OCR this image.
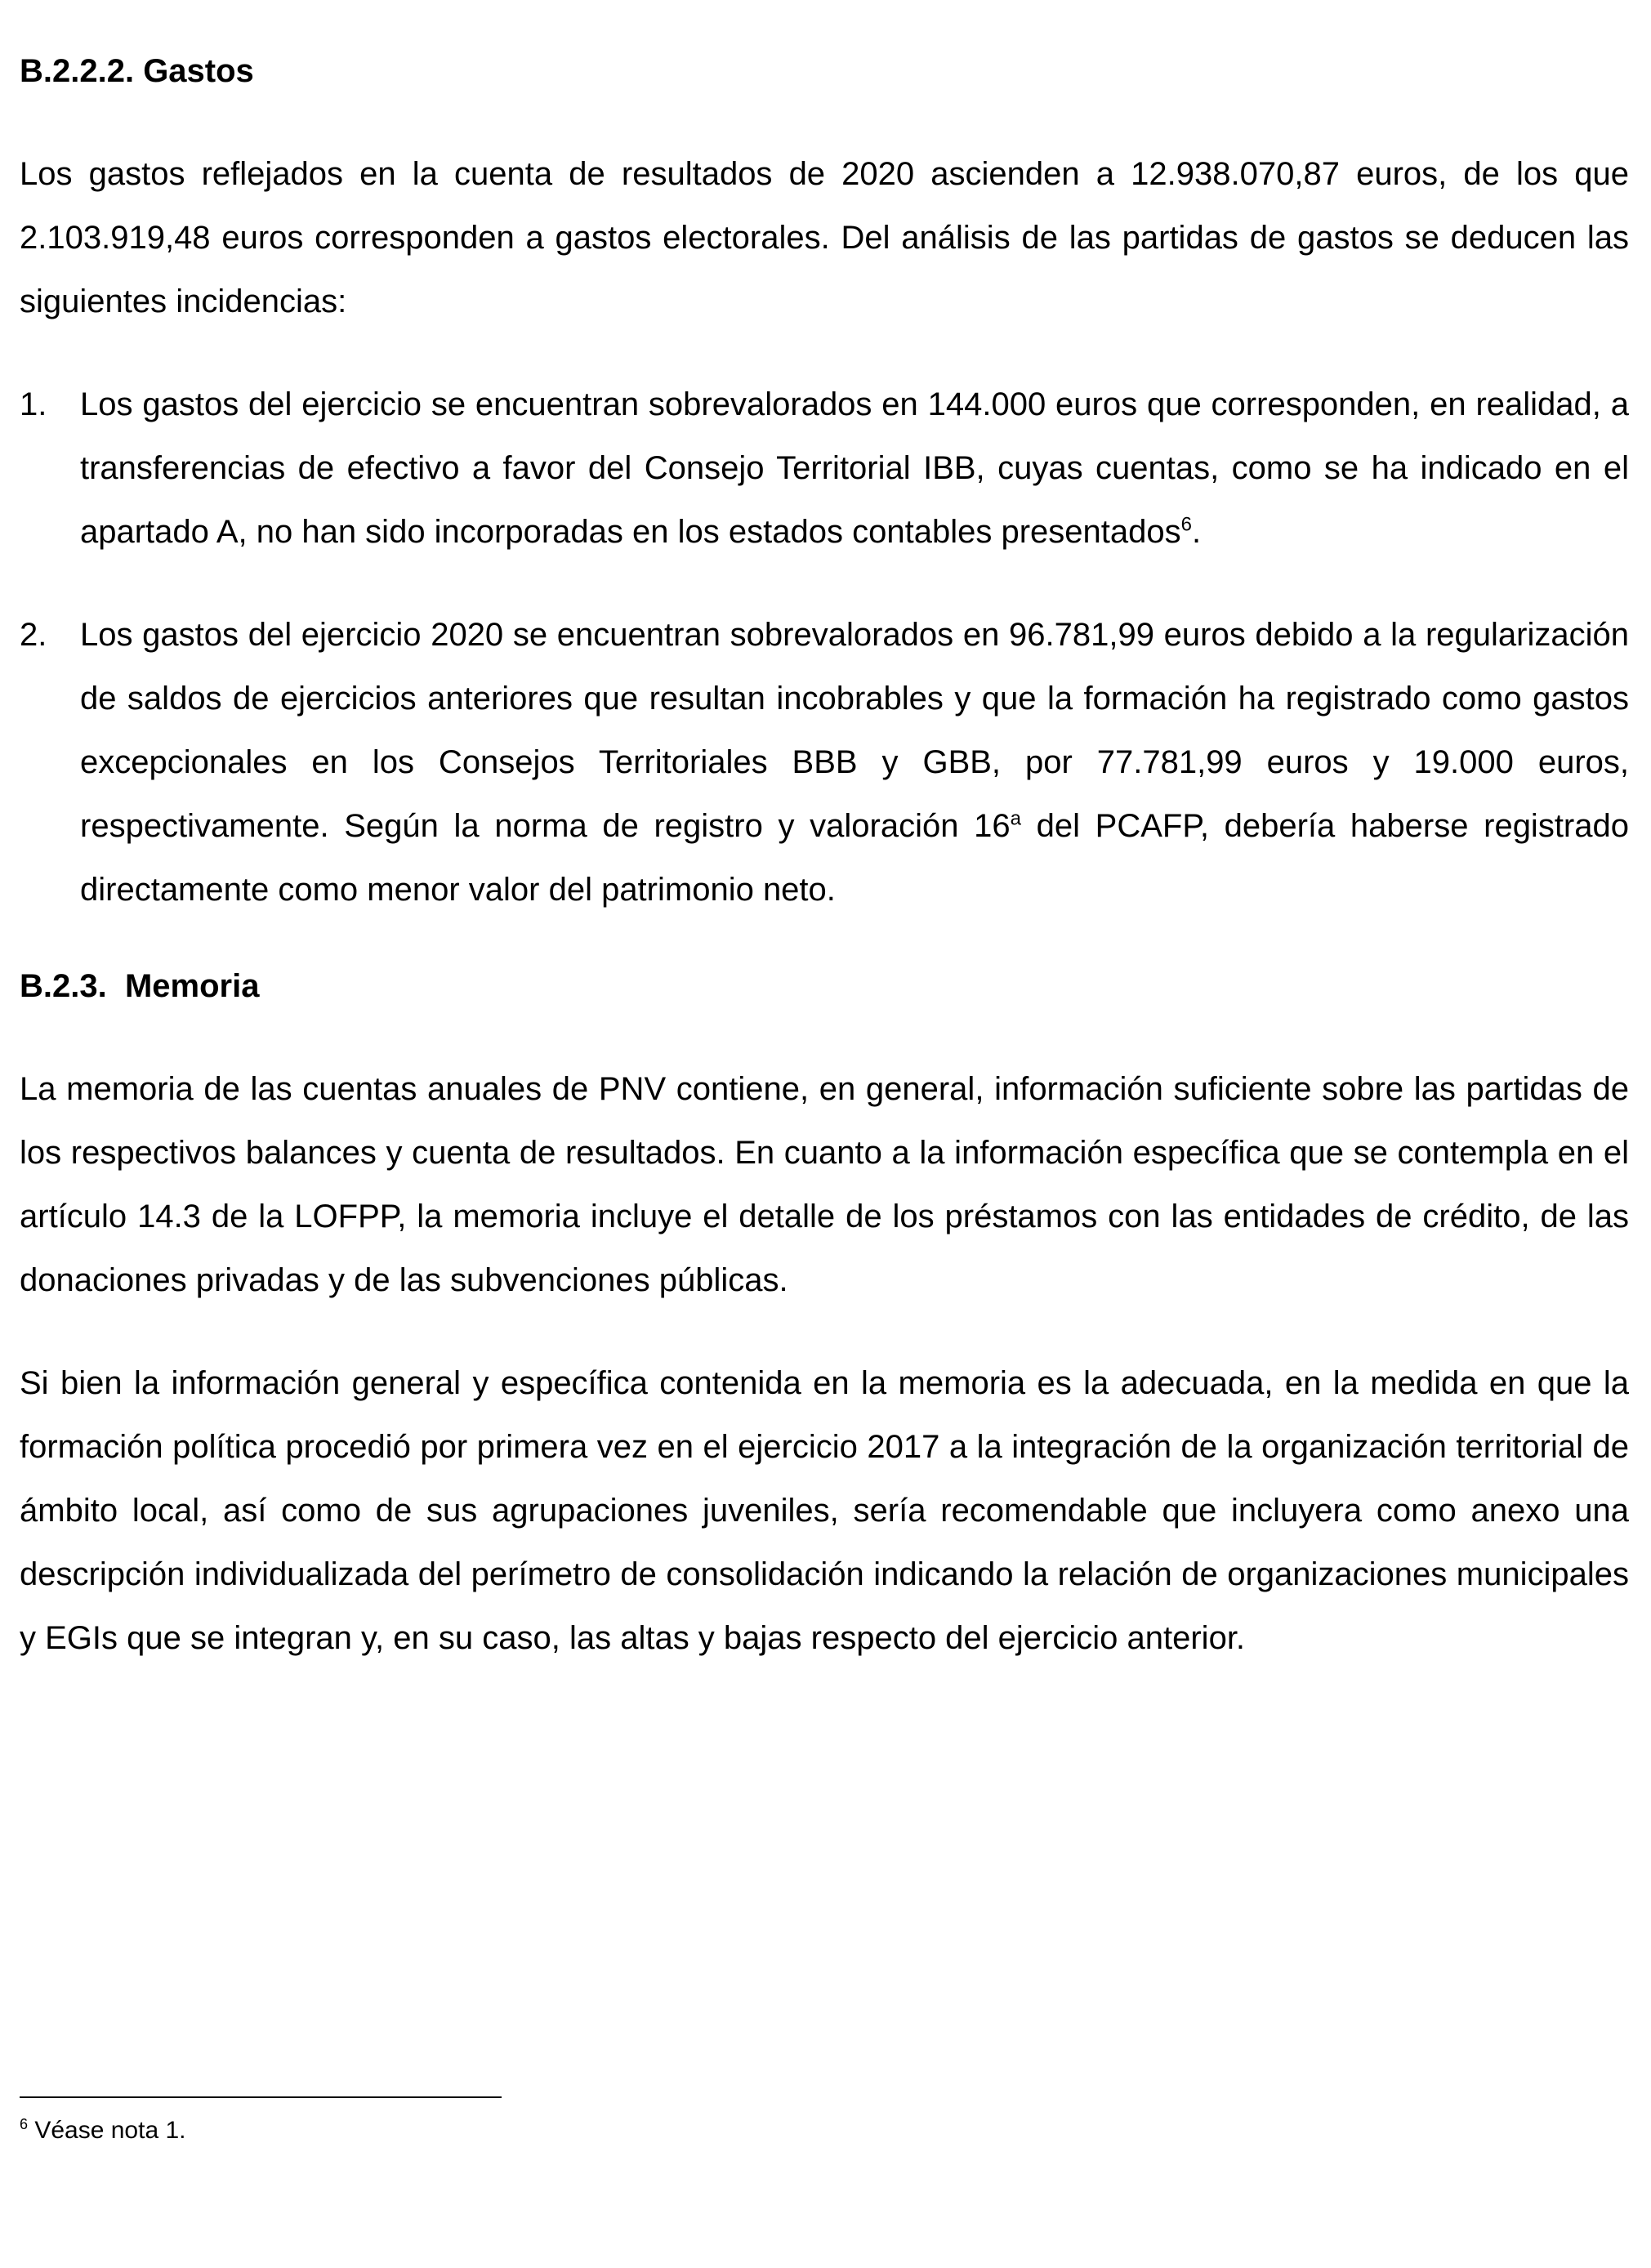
B.2.2.2. Gastos

Los gastos reflejados en la cuenta de resultados de 2020 ascienden a 12.938.070,87 euros, de los que 2.103.919,48 euros corresponden a gastos electorales. Del análisis de las partidas de gastos se deducen las siguientes incidencias:

1. Los gastos del ejercicio se encuentran sobrevalorados en 144.000 euros que corresponden, en realidad, a transferencias de efectivo a favor del Consejo Territorial IBB, cuyas cuentas, como se ha indicado en el apartado A, no han sido incorporadas en los estados contables presentados$^6$.

2. Los gastos del ejercicio 2020 se encuentran sobrevalorados en 96.781,99 euros debido a la regularización de saldos de ejercicios anteriores que resultan incobrables y que la formación ha registrado como gastos excepcionales en los Consejos Territoriales BBB y GBB, por 77.781,99 euros y 19.000 euros, respectivamente. Según la norma de registro y valoración 16$^a$ del PCAFP, debería haberse registrado directamente como menor valor del patrimonio neto.

B.2.3.  Memoria

La memoria de las cuentas anuales de PNV contiene, en general, información suficiente sobre las partidas de los respectivos balances y cuenta de resultados. En cuanto a la información específica que se contempla en el artículo 14.3 de la LOFPP, la memoria incluye el detalle de los préstamos con las entidades de crédito, de las donaciones privadas y de las subvenciones públicas.

Si bien la información general y específica contenida en la memoria es la adecuada, en la medida en que la formación política procedió por primera vez en el ejercicio 2017 a la integración de la organización territorial de ámbito local, así como de sus agrupaciones juveniles, sería recomendable que incluyera como anexo una descripción individualizada del perímetro de consolidación indicando la relación de organizaciones municipales y EGIs que se integran y, en su caso, las altas y bajas respecto del ejercicio anterior.

$^6$ Véase nota 1.
